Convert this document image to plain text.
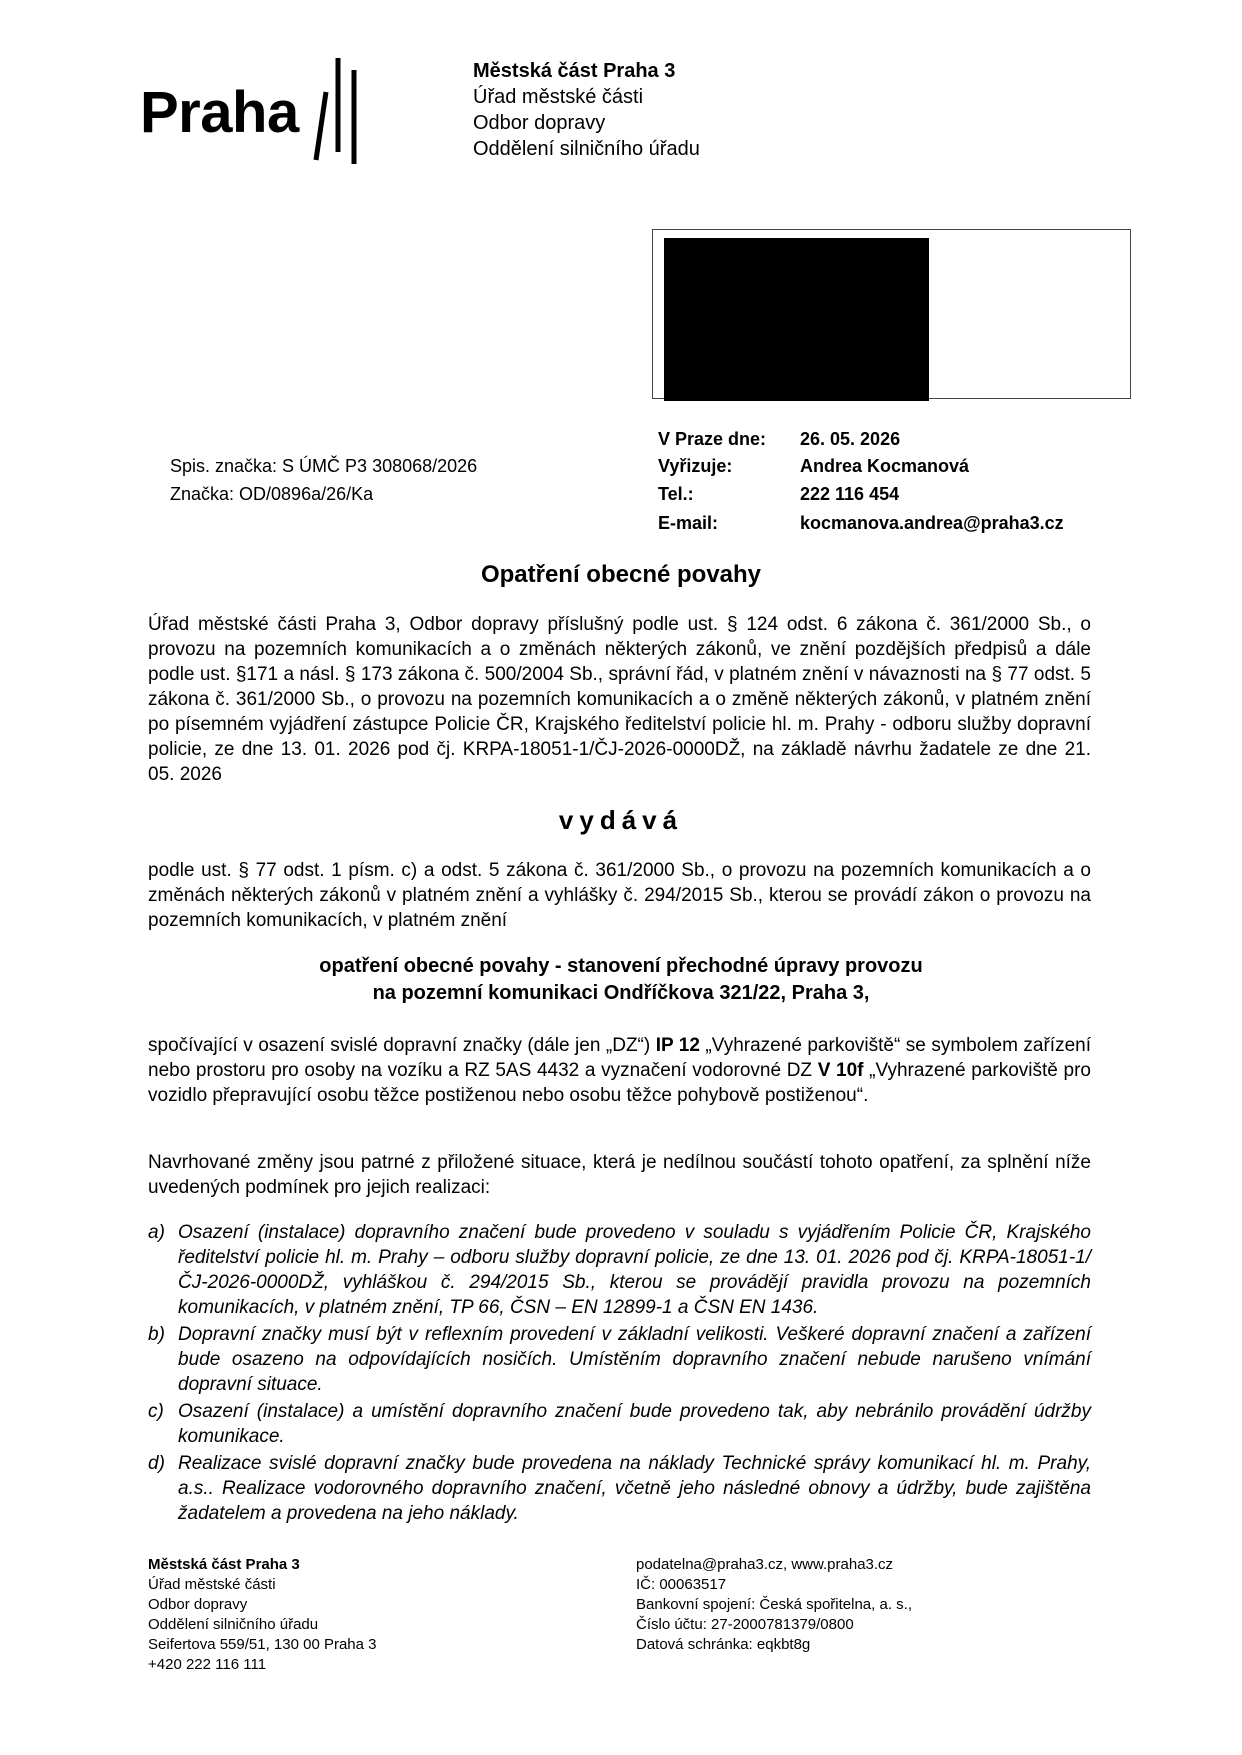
Praha
Městská část Praha 3
Úřad městské části
Odbor dopravy
Oddělení silničního úřadu
V Praze dne: 26. 05. 2026
Vyřizuje:	Andrea Kocmanová
Tel.:	222 116 454
E-mail:	kocmanova.andrea@praha3.cz
Spis. značka: S ÚMČ P3 308068/2026
Značka: OD/0896a/26/Ka
Opatření obecné povahy
Úřad městské části Praha 3, Odbor dopravy příslušný podle ust. § 124 odst. 6 zákona č. 361/2000 Sb., o provozu na pozemních komunikacích a o změnách některých zákonů, ve znění pozdějších předpisů a dále podle ust. §171 a násl. § 173 zákona č. 500/2004 Sb., správní řád, v platném znění v návaznosti na § 77 odst. 5 zákona č. 361/2000 Sb., o provozu na pozemních komunikacích a o změně některých zákonů, v platném znění po písemném vyjádření zástupce Policie ČR, Krajského ředitelství policie hl. m. Prahy - odboru služby dopravní policie, ze dne 13. 01. 2026 pod čj. KRPA-18051-1/ČJ-2026-0000DŽ, na základě návrhu žadatele ze dne 21. 05. 2026
vydává
podle ust. § 77 odst. 1 písm. c) a odst. 5 zákona č. 361/2000 Sb., o provozu na pozemních komunikacích a o změnách některých zákonů v platném znění a vyhlášky č. 294/2015 Sb., kterou se provádí zákon o provozu na pozemních komunikacích, v platném znění
opatření obecné povahy - stanovení přechodné úpravy provozu
na pozemní komunikaci Ondříčkova 321/22, Praha 3,
spočívající v osazení svislé dopravní značky (dále jen „DZ“) IP 12 „Vyhrazené parkoviště“ se symbolem zařízení nebo prostoru pro osoby na vozíku a RZ 5AS 4432 a vyznačení vodorovné DZ V 10f „Vyhrazené parkoviště pro vozidlo přepravující osobu těžce postiženou nebo osobu těžce pohybově postiženou“.
Navrhované změny jsou patrné z přiložené situace, která je nedílnou součástí tohoto opatření, za splnění níže uvedených podmínek pro jejich realizaci:
a) Osazení (instalace) dopravního značení bude provedeno v souladu s vyjádřením Policie ČR, Krajského ředitelství policie hl. m. Prahy – odboru služby dopravní policie, ze dne 13. 01. 2026 pod čj. KRPA-18051-1/ČJ-2026-0000DŽ, vyhláškou č. 294/2015 Sb., kterou se provádějí pravidla provozu na pozemních komunikacích, v platném znění, TP 66, ČSN – EN 12899-1 a ČSN EN 1436.
b) Dopravní značky musí být v reflexním provedení v základní velikosti. Veškeré dopravní značení a zařízení bude osazeno na odpovídajících nosičích. Umístěním dopravního značení nebude narušeno vnímání dopravní situace.
c) Osazení (instalace) a umístění dopravního značení bude provedeno tak, aby nebránilo provádění údržby komunikace.
d) Realizace svislé dopravní značky bude provedena na náklady Technické správy komunikací hl. m. Prahy, a.s.. Realizace vodorovného dopravního značení, včetně jeho následné obnovy a údržby, bude zajištěna žadatelem a provedena na jeho náklady.
Městská část Praha 3
Úřad městské části
Odbor dopravy
Oddělení silničního úřadu
Seifertova 559/51, 130 00 Praha 3
+420 222 116 111
podatelna@praha3.cz, www.praha3.cz
IČ: 00063517
Bankovní spojení: Česká spořitelna, a. s.,
Číslo účtu: 27-2000781379/0800
Datová schránka: eqkbt8g
